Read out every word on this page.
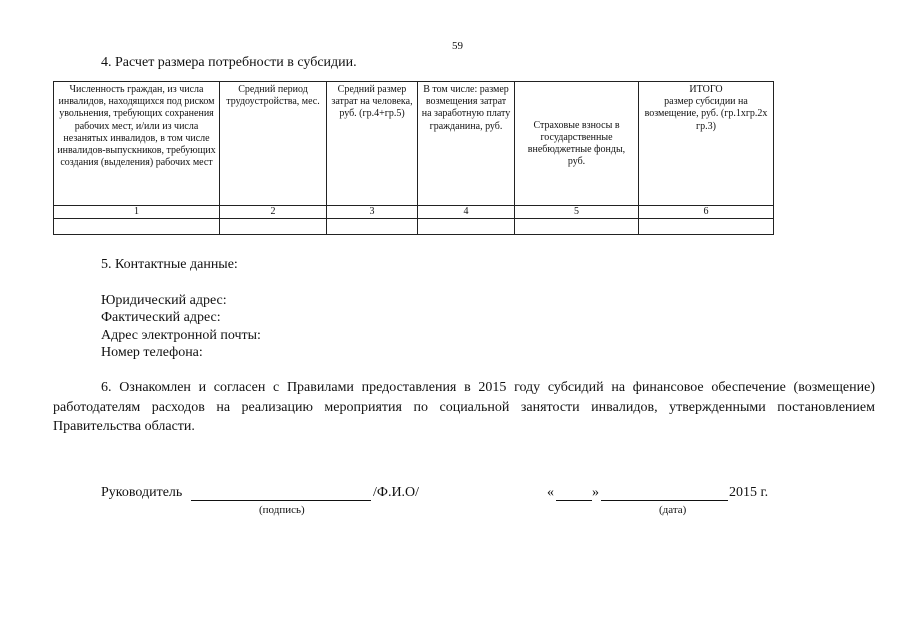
59
4. Расчет размера потребности в субсидии.
Численность граждан, из числа инвалидов, находящихся под риском увольнения, требующих сохранения рабочих мест, и/или из числа незанятых инвалидов, в том числе инвалидов-выпускников, требующих создания (выделения) рабочих мест	Средний период трудоустройства, мес.	Средний размер затрат на человека, руб. (гр.4+гр.5)	В том числе: размер возмещения затрат на заработную плату гражданина, руб.	Страховые взносы в государственные внебюджетные фонды, руб.	ИТОГО
размер субсидии на возмещение, руб. (гр.1хгр.2х гр.3)
1	2	3	4	5	6

5. Контактные данные:
Юридический адрес:
Фактический адрес:
Адрес электронной почты:
Номер телефона:
6. Ознакомлен и согласен с Правилами предоставления в 2015 году субсидий на финансовое обеспечение (возмещение) работодателям расходов на реализацию мероприятия по социальной занятости инвалидов, утвержденными постановлением Правительства области.
Руководитель	/Ф.И.О/
(подпись)
«	»	2015 г.
(дата)
